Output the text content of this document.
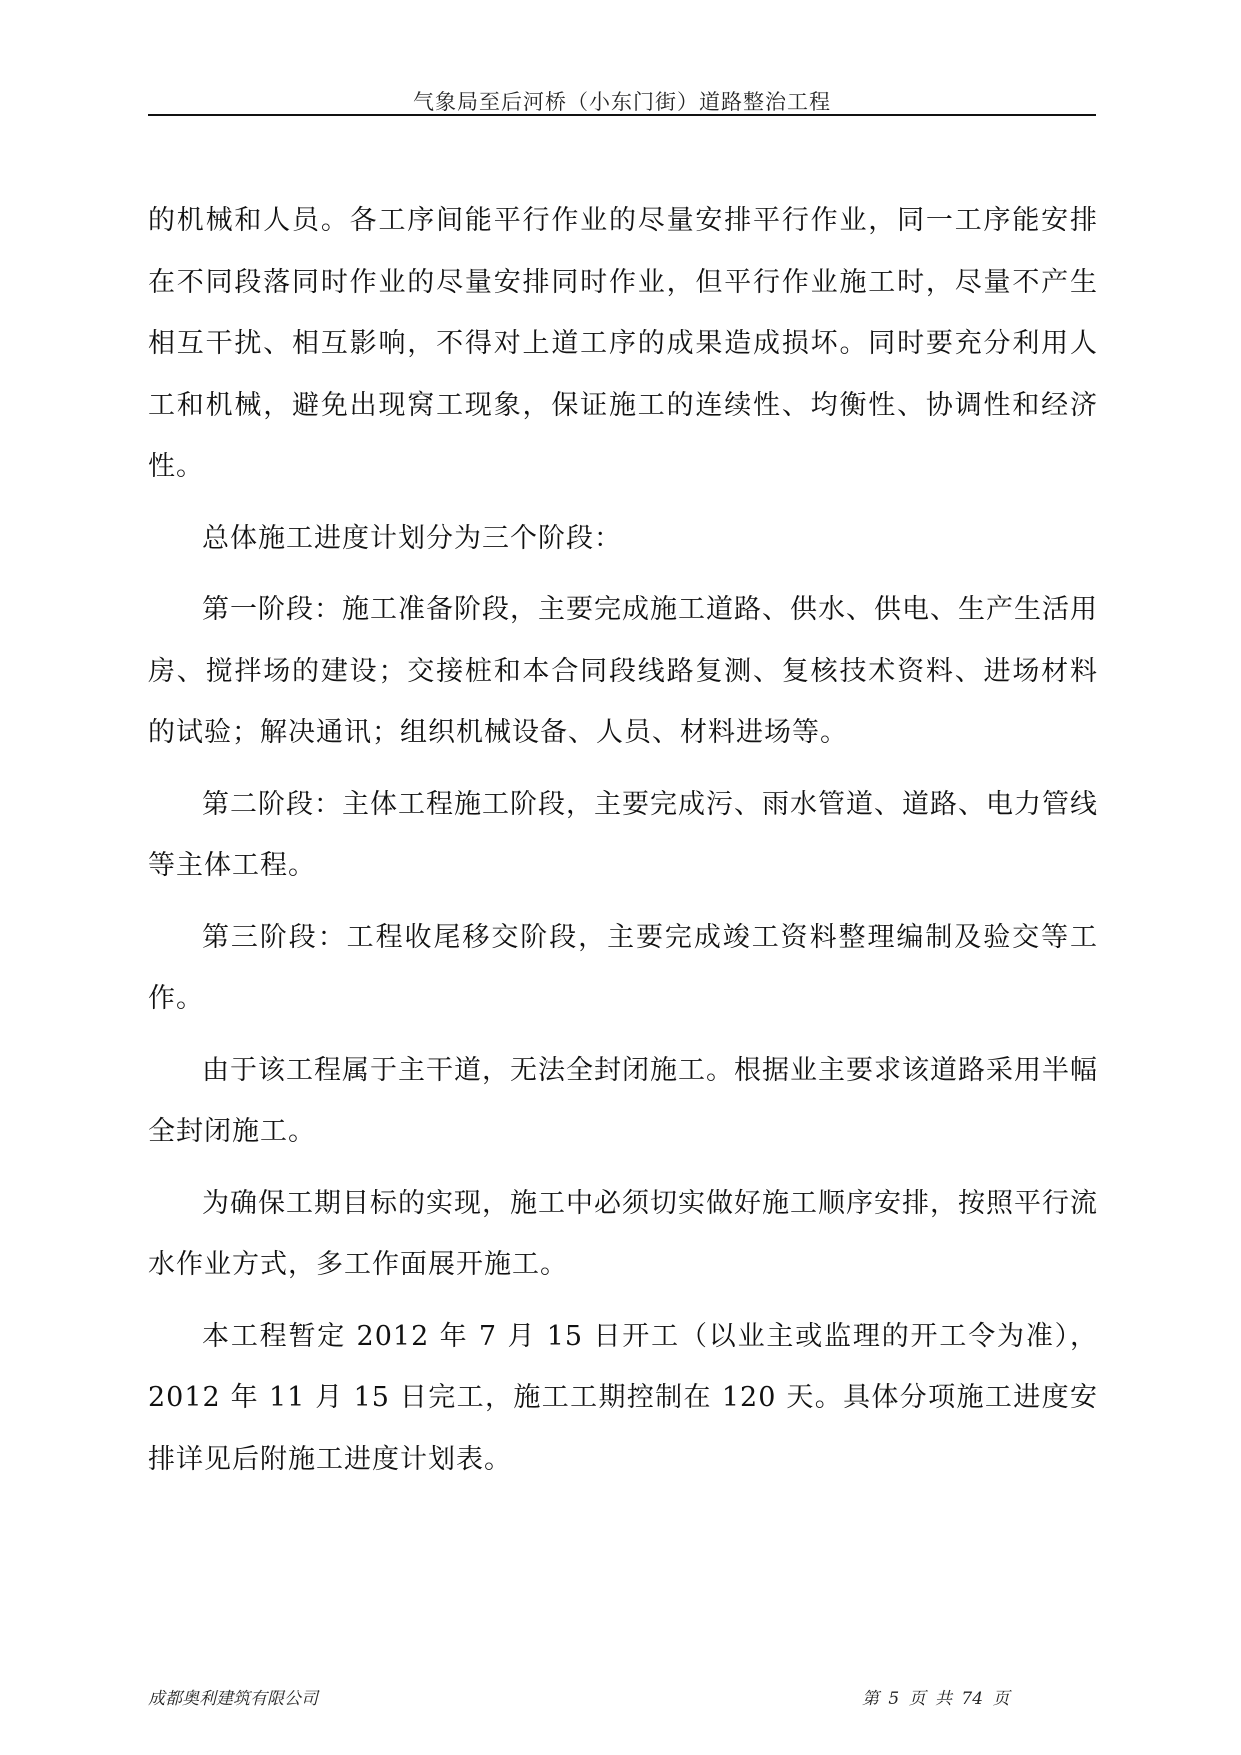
气象局至后河桥（小东门街）道路整治工程

的机械和人员。各工序间能平行作业的尽量安排平行作业，同一工序能安排在不同段落同时作业的尽量安排同时作业，但平行作业施工时，尽量不产生相互干扰、相互影响，不得对上道工序的成果造成损坏。同时要充分利用人工和机械，避免出现窝工现象，保证施工的连续性、均衡性、协调性和经济性。

总体施工进度计划分为三个阶段：

第一阶段：施工准备阶段，主要完成施工道路、供水、供电、生产生活用房、搅拌场的建设；交接桩和本合同段线路复测、复核技术资料、进场材料的试验；解决通讯；组织机械设备、人员、材料进场等。

第二阶段：主体工程施工阶段，主要完成污、雨水管道、道路、电力管线等主体工程。

第三阶段：工程收尾移交阶段，主要完成竣工资料整理编制及验交等工作。

由于该工程属于主干道，无法全封闭施工。根据业主要求该道路采用半幅全封闭施工。

为确保工期目标的实现，施工中必须切实做好施工顺序安排，按照平行流水作业方式，多工作面展开施工。

本工程暂定 2012 年 7 月 15 日开工（以业主或监理的开工令为准），2012 年 11 月 15 日完工，施工工期控制在 120 天。具体分项施工进度安排详见后附施工进度计划表。

成都奥利建筑有限公司	第 5 页 共 74 页
